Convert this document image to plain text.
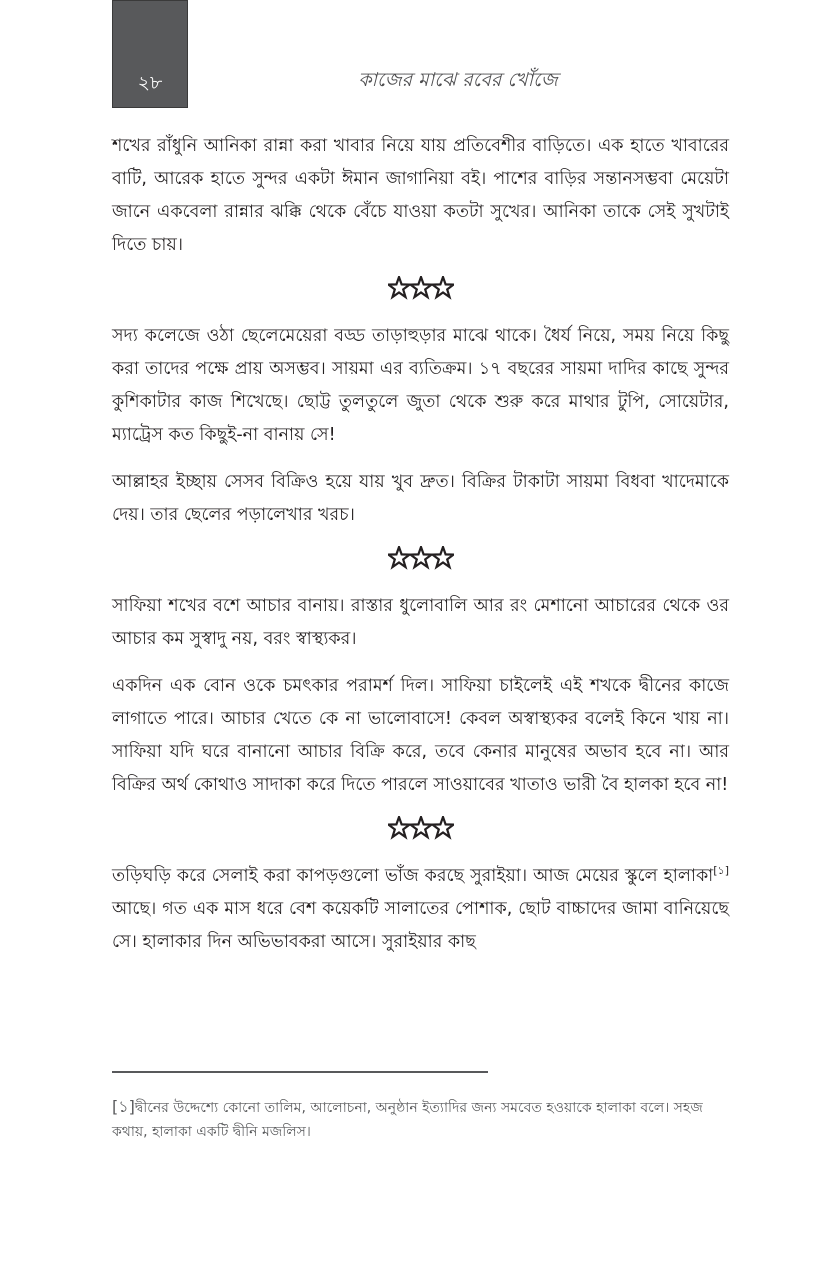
২৮	কাজের মাঝে রবের খোঁজে

শখের রাঁধুনি আনিকা রান্না করা খাবার নিয়ে যায় প্রতিবেশীর বাড়িতে। এক হাতে খাবারের বাটি, আরেক হাতে সুন্দর একটা ঈমান জাগানিয়া বই। পাশের বাড়ির সন্তানসম্ভবা মেয়েটা জানে একবেলা রান্নার ঝক্কি থেকে বেঁচে যাওয়া কতটা সুখের। আনিকা তাকে সেই সুখটাই দিতে চায়।

সদ্য কলেজে ওঠা ছেলেমেয়েরা বড্ড তাড়াহুড়ার মাঝে থাকে। ধৈর্য নিয়ে, সময় নিয়ে কিছু করা তাদের পক্ষে প্রায় অসম্ভব। সায়মা এর ব্যতিক্রম। ১৭ বছরের সায়মা দাদির কাছে সুন্দর কুশিকাটার কাজ শিখেছে। ছোট্ট তুলতুলে জুতা থেকে শুরু করে মাথার টুপি, সোয়েটার, ম্যাট্রেস কত কিছুই-না বানায় সে!

আল্লাহর ইচ্ছায় সেসব বিক্রিও হয়ে যায় খুব দ্রুত। বিক্রির টাকাটা সায়মা বিধবা খাদেমাকে দেয়। তার ছেলের পড়ালেখার খরচ।

সাফিয়া শখের বশে আচার বানায়। রাস্তার ধুলোবালি আর রং মেশানো আচারের থেকে ওর আচার কম সুস্বাদু নয়, বরং স্বাস্থ্যকর।

একদিন এক বোন ওকে চমৎকার পরামর্শ দিল। সাফিয়া চাইলেই এই শখকে দ্বীনের কাজে লাগাতে পারে। আচার খেতে কে না ভালোবাসে! কেবল অস্বাস্থ্যকর বলেই কিনে খায় না। সাফিয়া যদি ঘরে বানানো আচার বিক্রি করে, তবে কেনার মানুষের অভাব হবে না। আর বিক্রির অর্থ কোথাও সাদাকা করে দিতে পারলে সাওয়াবের খাতাও ভারী বৈ হালকা হবে না!

তড়িঘড়ি করে সেলাই করা কাপড়গুলো ভাঁজ করছে সুরাইয়া। আজ মেয়ের স্কুলে হালাকা[১] আছে। গত এক মাস ধরে বেশ কয়েকটি সালাতের পোশাক, ছোট বাচ্চাদের জামা বানিয়েছে সে। হালাকার দিন অভিভাবকরা আসে। সুরাইয়ার কাছ

[১]দ্বীনের উদ্দেশ্যে কোনো তালিম, আলোচনা, অনুষ্ঠান ইত্যাদির জন্য সমবেত হওয়াকে হালাকা বলে। সহজ কথায়, হালাকা একটি দ্বীনি মজলিস।
